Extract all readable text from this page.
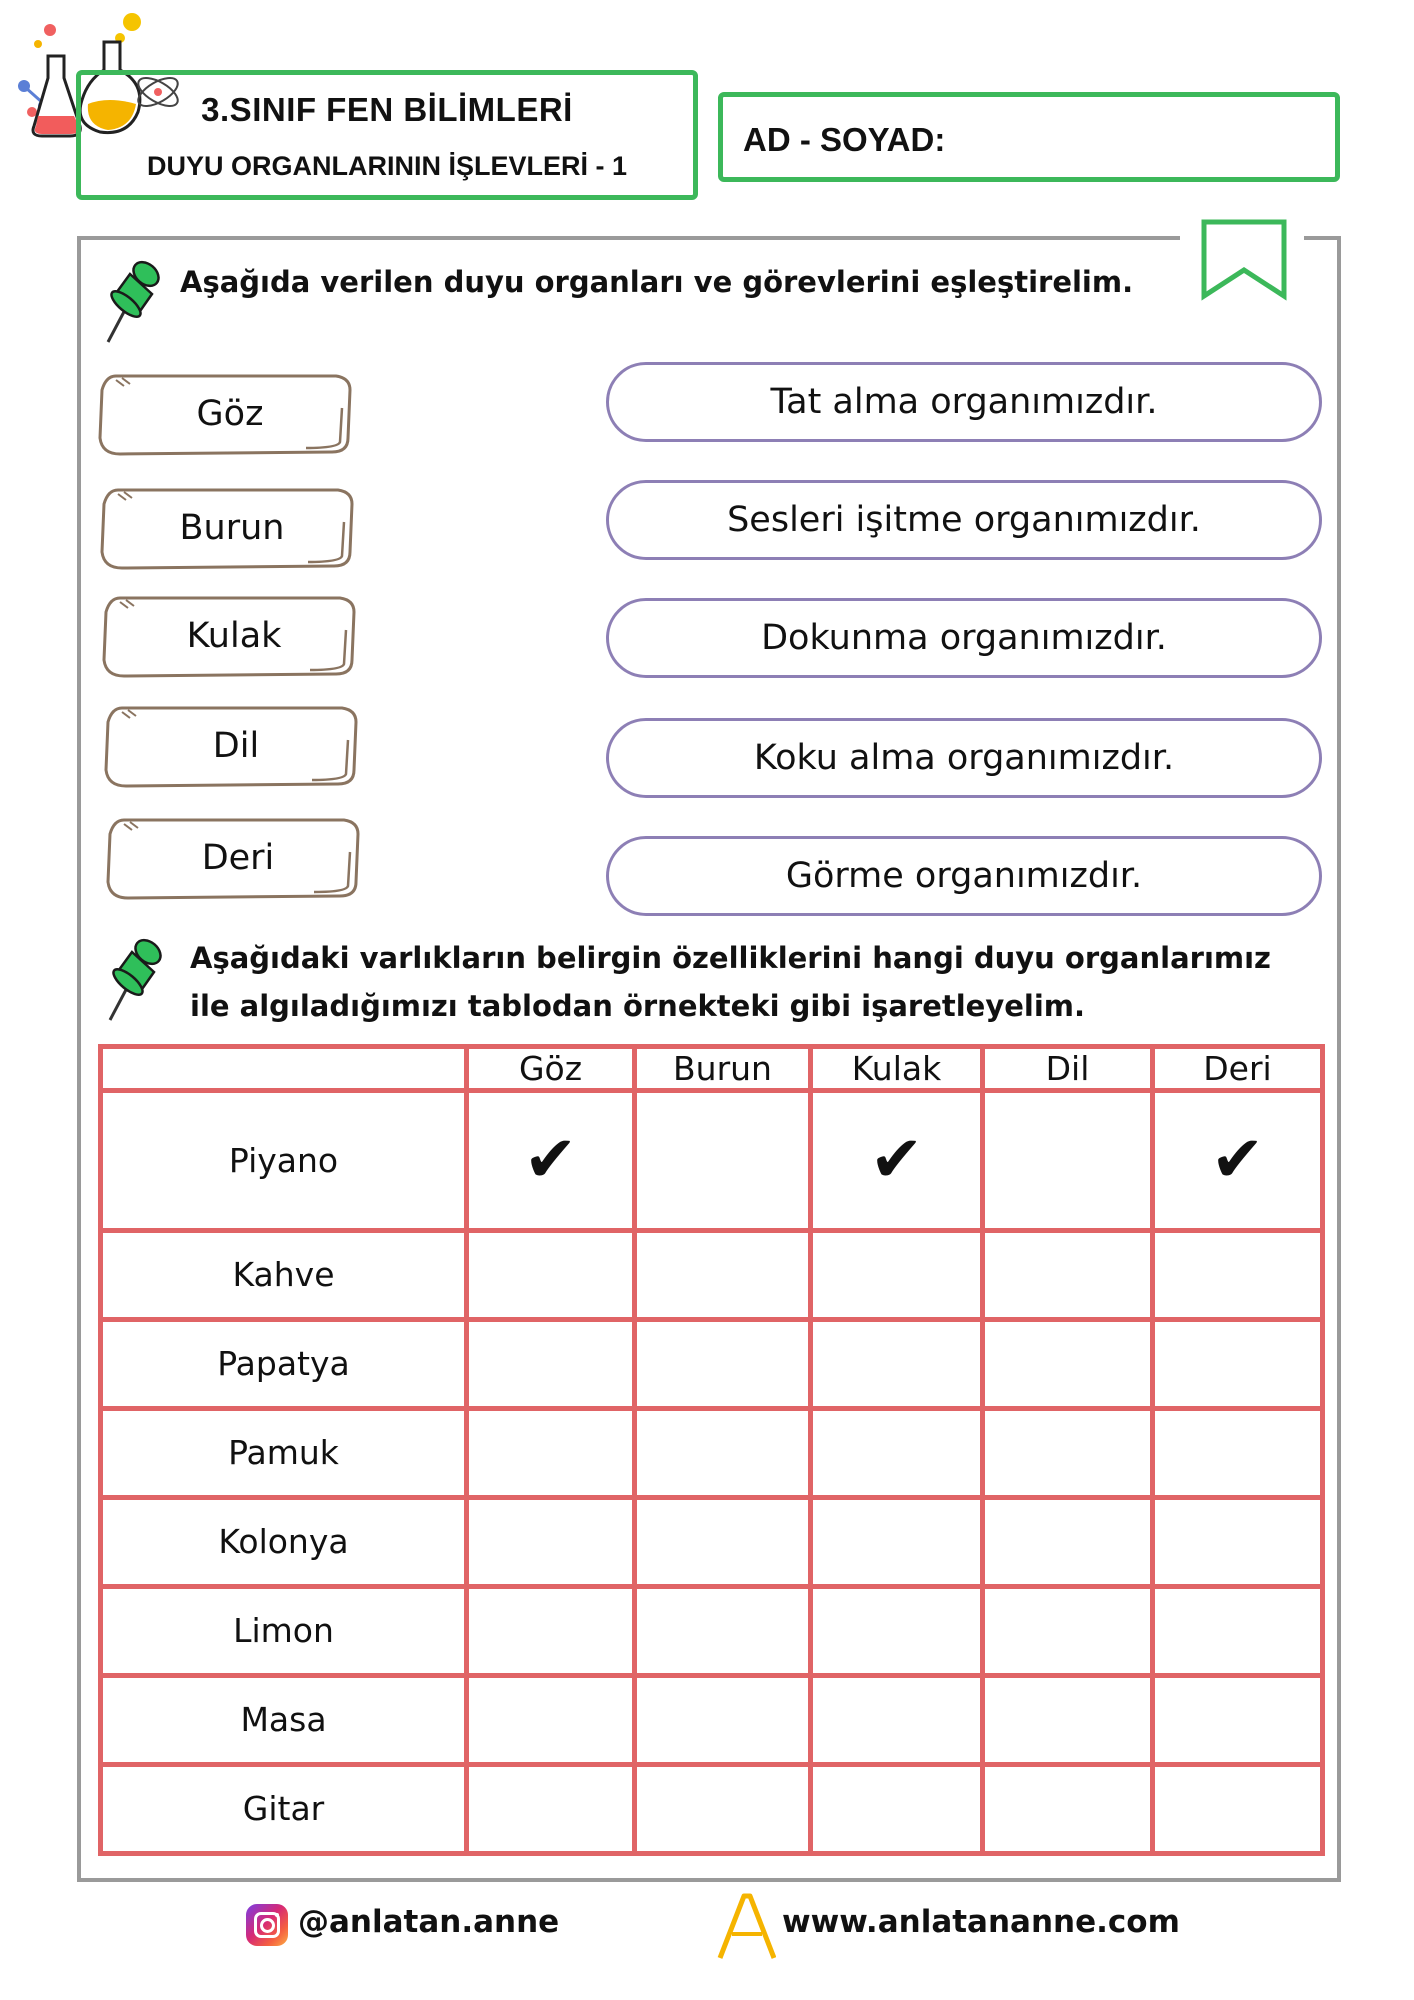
3.SINIF FEN BİLİMLERİ
DUYU ORGANLARININ İŞLEVLERİ - 1
AD - SOYAD:
Aşağıda verilen duyu organları ve görevlerini eşleştirelim.
Göz
Burun
Kulak
Dil
Deri
Tat alma organımızdır.
Sesleri işitme organımızdır.
Dokunma organımızdır.
Koku alma organımızdır.
Görme organımızdır.
Aşağıdaki varlıkların belirgin özelliklerini hangi duyu organlarımız
ile algıladığımızı tablodan örnekteki gibi işaretleyelim.
	Göz	Burun	Kulak	Dil	Deri
Piyano	✔		✔		✔
Kahve					
Papatya					
Pamuk					
Kolonya					
Limon					
Masa					
Gitar					
@anlatan.anne	www.anlatananne.com
